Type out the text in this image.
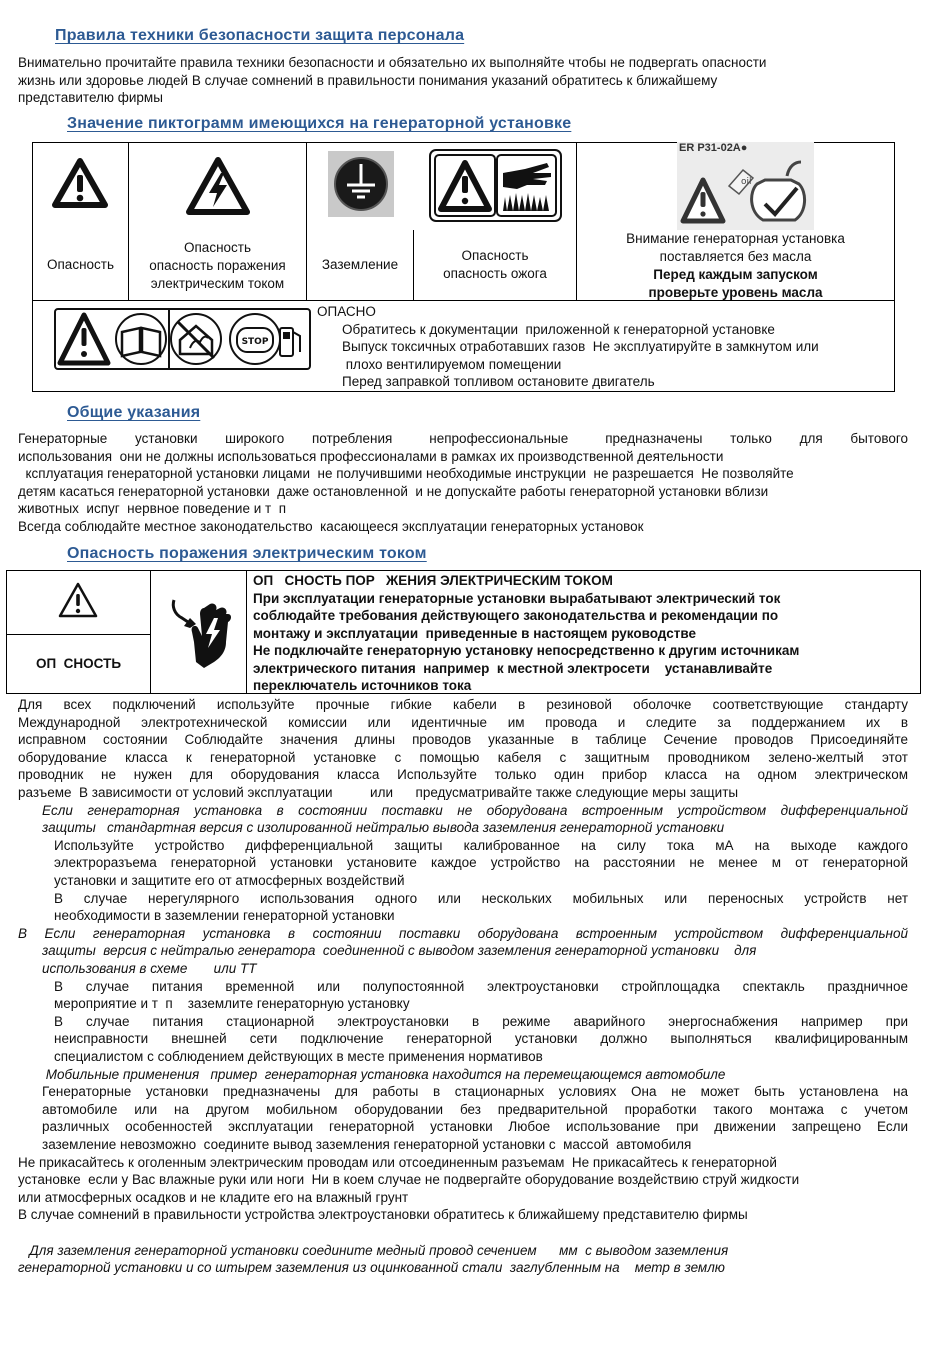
Правила техники безопасности защита персонала
Внимательно прочитайте правила техники безопасности и обязательно их выполняйте чтобы не подвергать опасности
жизнь или здоровье людей В случае сомнений в правильности понимания указаний обратитесь к ближайшему
представителю фирмы
Значение пиктограмм имеющихся на генераторной установке
Опасность
Опасность
опасность поражения
электрическим током
Заземление
Опасность
опасность ожога
oil
ER P31-02A●
Внимание генераторная установка
поставляется без масла
Перед каждым запуском
проверьте уровень масла
STOP
ОПАСНО
Обратитесь к документации  приложенной к генераторной установке
Выпуск токсичных отработавших газов  Не эксплуатируйте в замкнутом или
плохо вентилируемом помещении
Перед заправкой топливом остановите двигатель
Общие указания
Генераторные   установки   широкого   потребления    непрофессиональные    предназначены   только   для   бытового
использования  они не должны использоваться профессионалами в рамках их производственной деятельности
ксплуатация генераторной установки лицами  не получившими необходимые инструкции  не разрешается  Не позволяйте
детям касаться генераторной установки  даже остановленной  и не допускайте работы генераторной установки вблизи
животных  испуг  нервное поведение и т  п
Всегда соблюдайте местное законодательство  касающееся эксплуатации генераторных установок
Опасность поражения электрическим током
ОП  СНОСТЬ
ОП   СНОСТЬ ПОР   ЖЕНИЯ ЭЛЕКТРИЧЕСКИМ ТОКОМ
При эксплуатации генераторные установки вырабатывают электрический ток
соблюдайте требования действующего законодательства и рекомендации по
монтажу и эксплуатации  приведенные в настоящем руководстве
Не подключайте генераторную установку непосредственно к другим источникам
электрического питания  например  к местной электросети    устанавливайте
переключатель источников тока
Для всех подключений используйте прочные гибкие кабели в резиновой оболочке соответствующие стандарту
Международной электротехнической комиссии или идентичные им провода и следите за поддержанием их в
исправном состоянии Соблюдайте значения длины проводов указанные в таблице Сечение проводов Присоединяйте
оборудование класса к генераторной установке с помощью кабеля с защитным проводником зелено-желтый этот
проводник не нужен для оборудования класса Используйте только один прибор класса на одном электрическом
разъеме  В зависимости от условий эксплуатации          или      предусматривайте также следующие меры защиты
Если генераторная установка в состоянии поставки не оборудована встроенным устройством дифференциальной
защиты   стандартная версия с изолированной нейтралью вывода заземления генераторной установки
Используйте устройство дифференциальной защиты калиброванное на силу тока мА на выходе каждого
электроразъема генераторной установки установите каждое устройство на расстоянии не менее м от генераторной
установки и защитите его от атмосферных воздействий
В случае нерегулярного использования одного или нескольких мобильных или переносных устройств нет
необходимости в заземлении генераторной установки
В Если генераторная установка в состоянии поставки оборудована встроенным устройством дифференциальной
защиты  версия с нейтралью генератора  соединенной с выводом заземления генераторной установки    для
использования в схеме       или TT
В случае питания временной или полупостоянной электроустановки стройплощадка спектакль праздничное
мероприятие и т  п    заземлите генераторную установку
В случае питания стационарной электроустановки в режиме аварийного энергоснабжения например при
неисправности внешней сети подключение генераторной установки должно выполняться квалифицированным
специалистом с соблюдением действующих в месте применения нормативов
Мобильные применения   пример  генераторная установка находится на перемещающемся автомобиле
Генераторные установки предназначены для работы в стационарных условиях Она не может быть установлена на
автомобиле или на другом мобильном оборудовании без предварительной проработки такого монтажа с учетом
различных особенностей эксплуатации генераторной установки Любое использование при движении запрещено Если
заземление невозможно  соедините вывод заземления генераторной установки с  массой  автомобиля
Не прикасайтесь к оголенным электрическим проводам или отсоединенным разъемам  Не прикасайтесь к генераторной
установке  если у Вас влажные руки или ноги  Ни в коем случае не подвергайте оборудование воздействию струй жидкости
или атмосферных осадков и не кладите его на влажный грунт
В случае сомнений в правильности устройства электроустановки обратитесь к ближайшему представителю фирмы
Для заземления генераторной установки соедините медный провод сечением      мм  с выводом заземления
генераторной установки и со штырем заземления из оцинкованной стали  заглубленным на    метр в землю
